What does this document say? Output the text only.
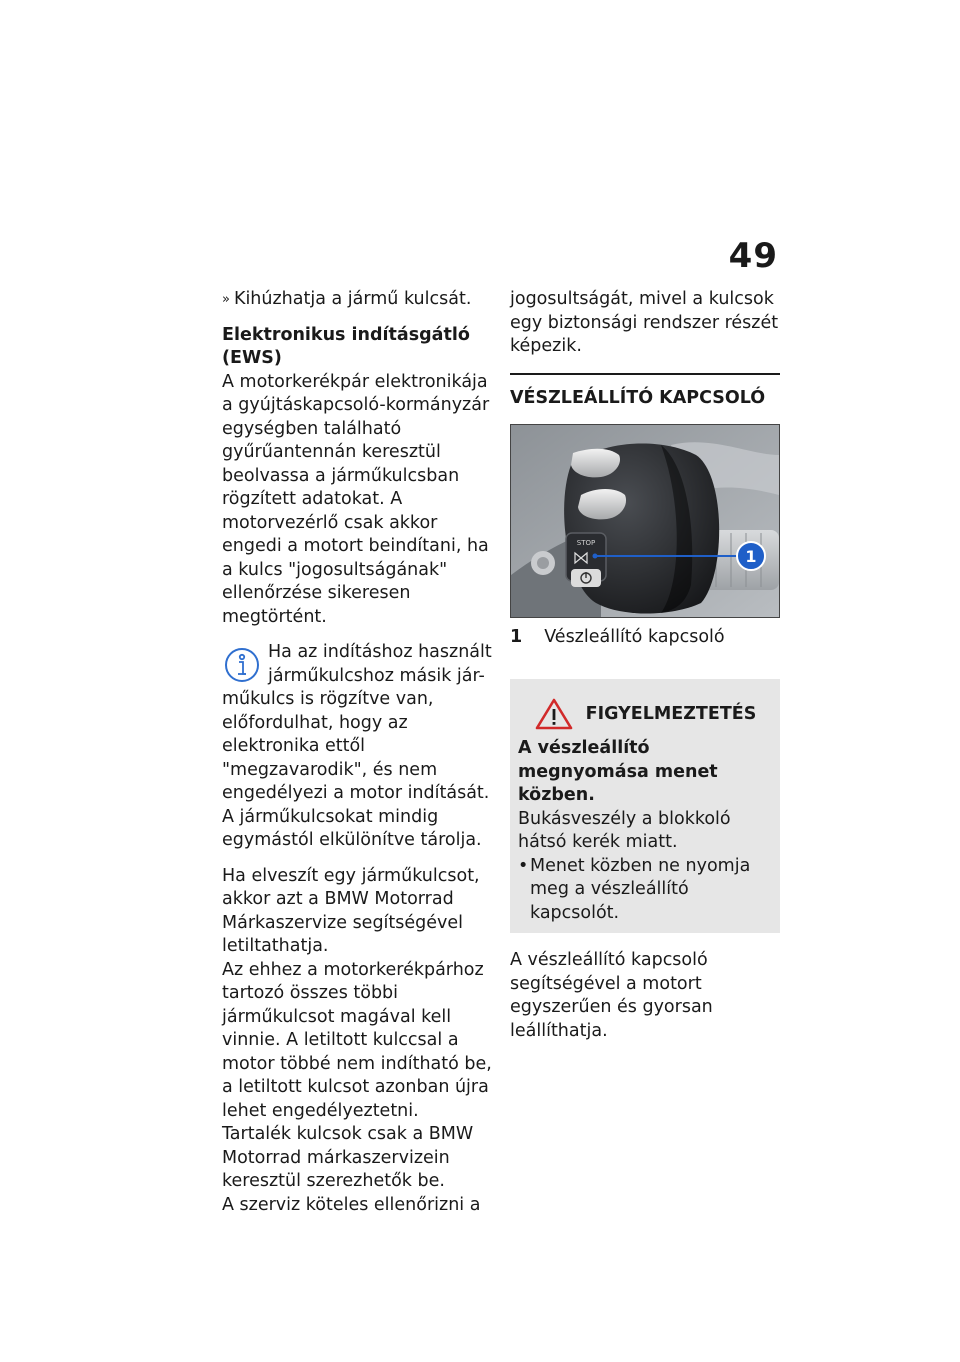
49
» Kihúzhatja a jármű kulcsát.

Elektronikus indításgátló (EWS)

A motorkerékpár elektronikája a gyújtáskapcsoló-kormányzár egységben található gyűrűantennán keresztül beolvassa a járműkulcsban rögzített adatokat. A motorvezérlő csak akkor engedi a motort beindítani, ha a kulcs "jogosultságának" ellenőrzése sikeresen megtörtént.

Ha az indításhoz használt járműkulcshoz másik jár-

műkulcs is rögzítve van, előfordulhat, hogy az elektronika ettől "megzavarodik", és nem engedélyezi a motor indítását.

A járműkulcsokat mindig egymástól elkülönítve tárolja.

Ha elveszít egy járműkulcsot, akkor azt a BMW Motorrad Márkaszervize segítségével letiltathatja.

Az ehhez a motorkerékpárhoz tartozó összes többi járműkulcsot magával kell vinnie. A letiltott kulccsal a motor többé nem indítható be, a letiltott kulcsot azonban újra lehet engedélyeztetni.

Tartalék kulcsok csak a BMW Motorrad márkaszervizein keresztül szerezhetők be.

A szerviz köteles ellenőrizni a

jogosultságát, mivel a kulcsok egy biztonsági rendszer részét képezik.

VÉSZLEÁLLÍTÓ KAPCSOLÓ
STOP
1

1 Vészleállító kapcsoló

FIGYELMEZTETÉS

A vészleállító megnyomása menet közben.

Bukásveszély a blokkoló hátsó kerék miatt.

• Menet közben ne nyomja meg a vészleállító kapcsolót.

A vészleállító kapcsoló segítségével a motort egyszerűen és gyorsan leállíthatja.
